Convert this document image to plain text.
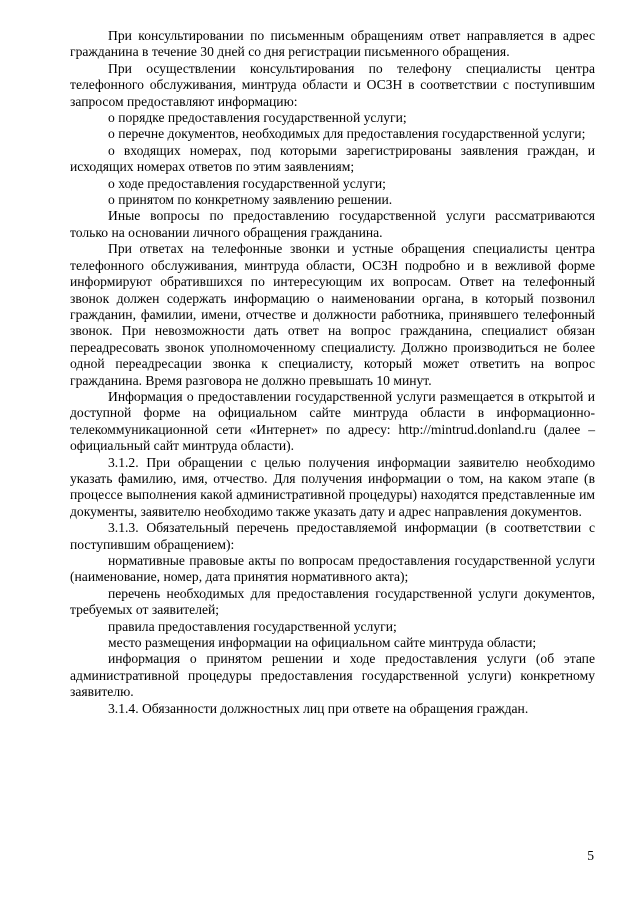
При консультировании по письменным обращениям ответ направляется в адрес гражданина в течение 30 дней со дня регистрации письменного обращения.

При осуществлении консультирования по телефону специалисты центра телефонного обслуживания, минтруда области и ОСЗН в соответствии с поступившим запросом предоставляют информацию:

о порядке предоставления государственной услуги;

о перечне документов, необходимых для предоставления государственной услуги;

о входящих номерах, под которыми зарегистрированы заявления граждан, и исходящих номерах ответов по этим заявлениям;

о ходе предоставления государственной услуги;

о принятом по конкретному заявлению решении.

Иные вопросы по предоставлению государственной услуги рассматриваются только на основании личного обращения гражданина.

При ответах на телефонные звонки и устные обращения специалисты центра телефонного обслуживания, минтруда области, ОСЗН подробно и в вежливой форме информируют обратившихся по интересующим их вопросам. Ответ на телефонный звонок должен содержать информацию о наименовании органа, в который позвонил гражданин, фамилии, имени, отчестве и должности работника, принявшего телефонный звонок. При невозможности дать ответ на вопрос гражданина, специалист обязан переадресовать звонок уполномоченному специалисту. Должно производиться не более одной переадресации звонка к специалисту, который может ответить на вопрос гражданина. Время разговора не должно превышать 10 минут.

Информация о предоставлении государственной услуги размещается в открытой и доступной форме на официальном сайте минтруда области в информационно-телекоммуникационной сети «Интернет» по адресу: http://mintrud.donland.ru (далее – официальный сайт минтруда области).

3.1.2. При обращении с целью получения информации заявителю необходимо указать фамилию, имя, отчество. Для получения информации о том, на каком этапе (в процессе выполнения какой административной процедуры) находятся представленные им документы, заявителю необходимо также указать дату и адрес направления документов.

3.1.3. Обязательный перечень предоставляемой информации (в соответствии с поступившим обращением):

нормативные правовые акты по вопросам предоставления государственной услуги (наименование, номер, дата принятия нормативного акта);

перечень необходимых для предоставления государственной услуги документов, требуемых от заявителей;

правила предоставления государственной услуги;

место размещения информации на официальном сайте минтруда области;

информация о принятом решении и ходе предоставления услуги (об этапе административной процедуры предоставления государственной услуги) конкретному заявителю.

3.1.4. Обязанности должностных лиц при ответе на обращения граждан.

5
